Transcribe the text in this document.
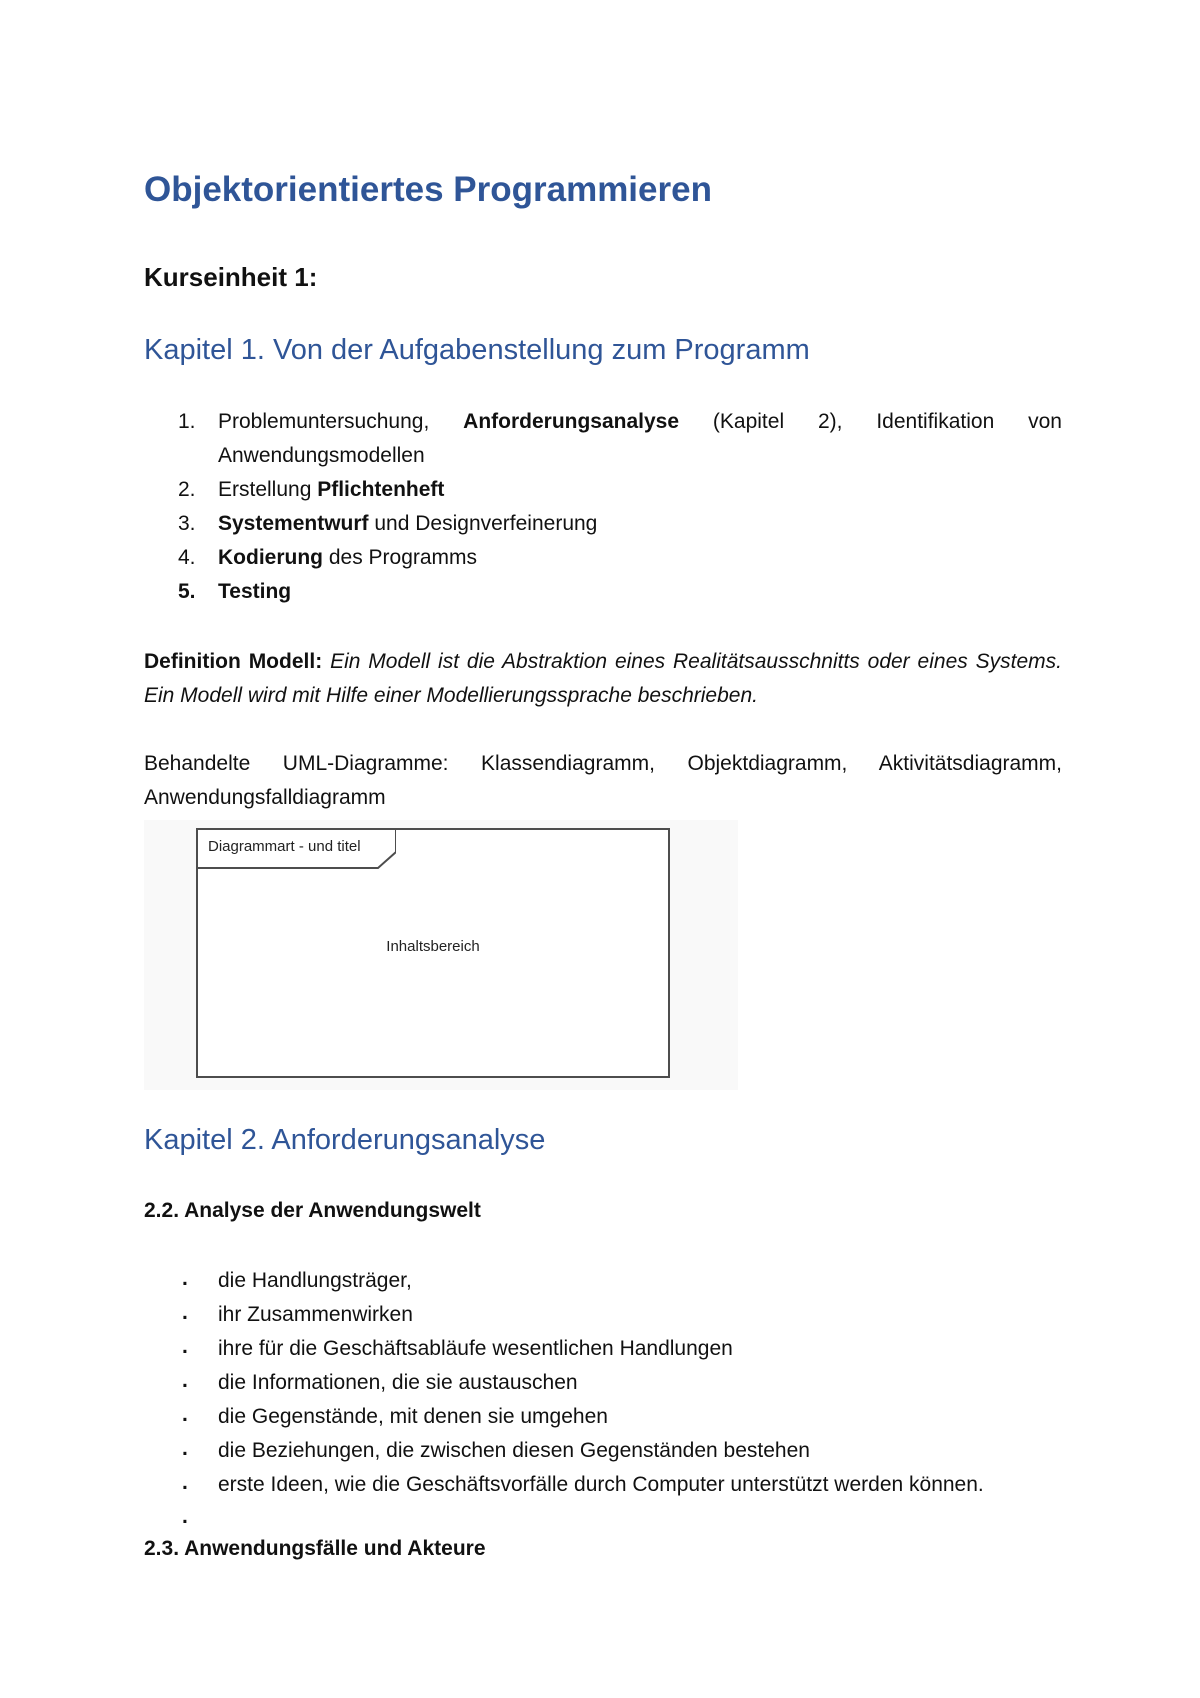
Objektorientiertes Programmieren
Kurseinheit 1:
Kapitel 1. Von der Aufgabenstellung zum Programm
1. Problemuntersuchung, Anforderungsanalyse (Kapitel 2), Identifikation von Anwendungsmodellen
2. Erstellung Pflichtenheft
3. Systementwurf und Designverfeinerung
4. Kodierung des Programms
5. Testing

Definition Modell: Ein Modell ist die Abstraktion eines Realitätsausschnitts oder eines Systems. Ein Modell wird mit Hilfe einer Modellierungssprache beschrieben.

Behandelte UML-Diagramme: Klassendiagramm, Objektdiagramm, Aktivitätsdiagramm, Anwendungsfalldiagramm

Diagrammart - und titel
Inhaltsbereich
Kapitel 2. Anforderungsanalyse
2.2. Analyse der Anwendungswelt
. die Handlungsträger,
. ihr Zusammenwirken
. ihre für die Geschäftsabläufe wesentlichen Handlungen
. die Informationen, die sie austauschen
. die Gegenstände, mit denen sie umgehen
. die Beziehungen, die zwischen diesen Gegenständen bestehen
. erste Ideen, wie die Geschäftsvorfälle durch Computer unterstützt werden können.
.
2.3. Anwendungsfälle und Akteure
